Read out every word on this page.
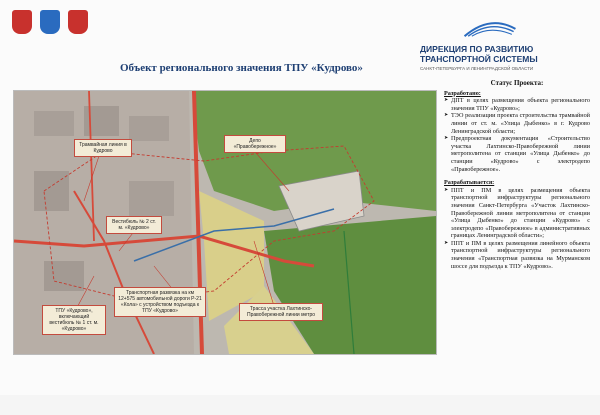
ДИРЕКЦИЯ ПО РАЗВИТИЮ
ТРАНСПОРТНОЙ СИСТЕМЫ
САНКТ-ПЕТЕРБУРГА И ЛЕНИНГРАДСКОЙ ОБЛАСТИ
Объект регионального значения ТПУ «Кудрово»
Трамвайная линия в Кудрово
Депо «Правобережное»
Вестибюль № 2 ст. м. «Кудрово»
ТПУ «Кудрово», включающий вестибюль № 1 ст. м. «Кудрово»
Транспортная развязка на км 12+575 автомобильной дороги Р-21 «Кола» с устройством подъезда к ТПУ «Кудрово»	Трасса участка Лахтинско-Правобережной линии метро
Статус Проекта:
Разработано:
➤ ДПТ в целях размещения объекта регионального значения ТПУ «Кудрово»;
➤ ТЭО реализации проекта строительства трамвайной линии от ст. м. «Улица Дыбенко» в г. Кудрово Ленинградской области;
➤ Предпроектная документация «Строительство участка Лахтинско-Правобережной линии метрополитена от станции «Улица Дыбенко» до станции «Кудрово» с электродепо «Правобережное».
Разрабатывается:
➤ ППТ и ПМ в целях размещения объекта транспортной инфраструктуры регионального значения Санкт-Петербурга «Участок Лахтинско-Правобережной линии метрополитена от станции «Улица Дыбенко» до станции «Кудрово» с электродепо «Правобережное» в административных границах Ленинградской области»;
➤ ППТ и ПМ в целях размещения линейного объекта транспортной инфраструктуры регионального значения «Транспортная развязка на Мурманском шоссе для подъезда к ТПУ «Кудрово».
